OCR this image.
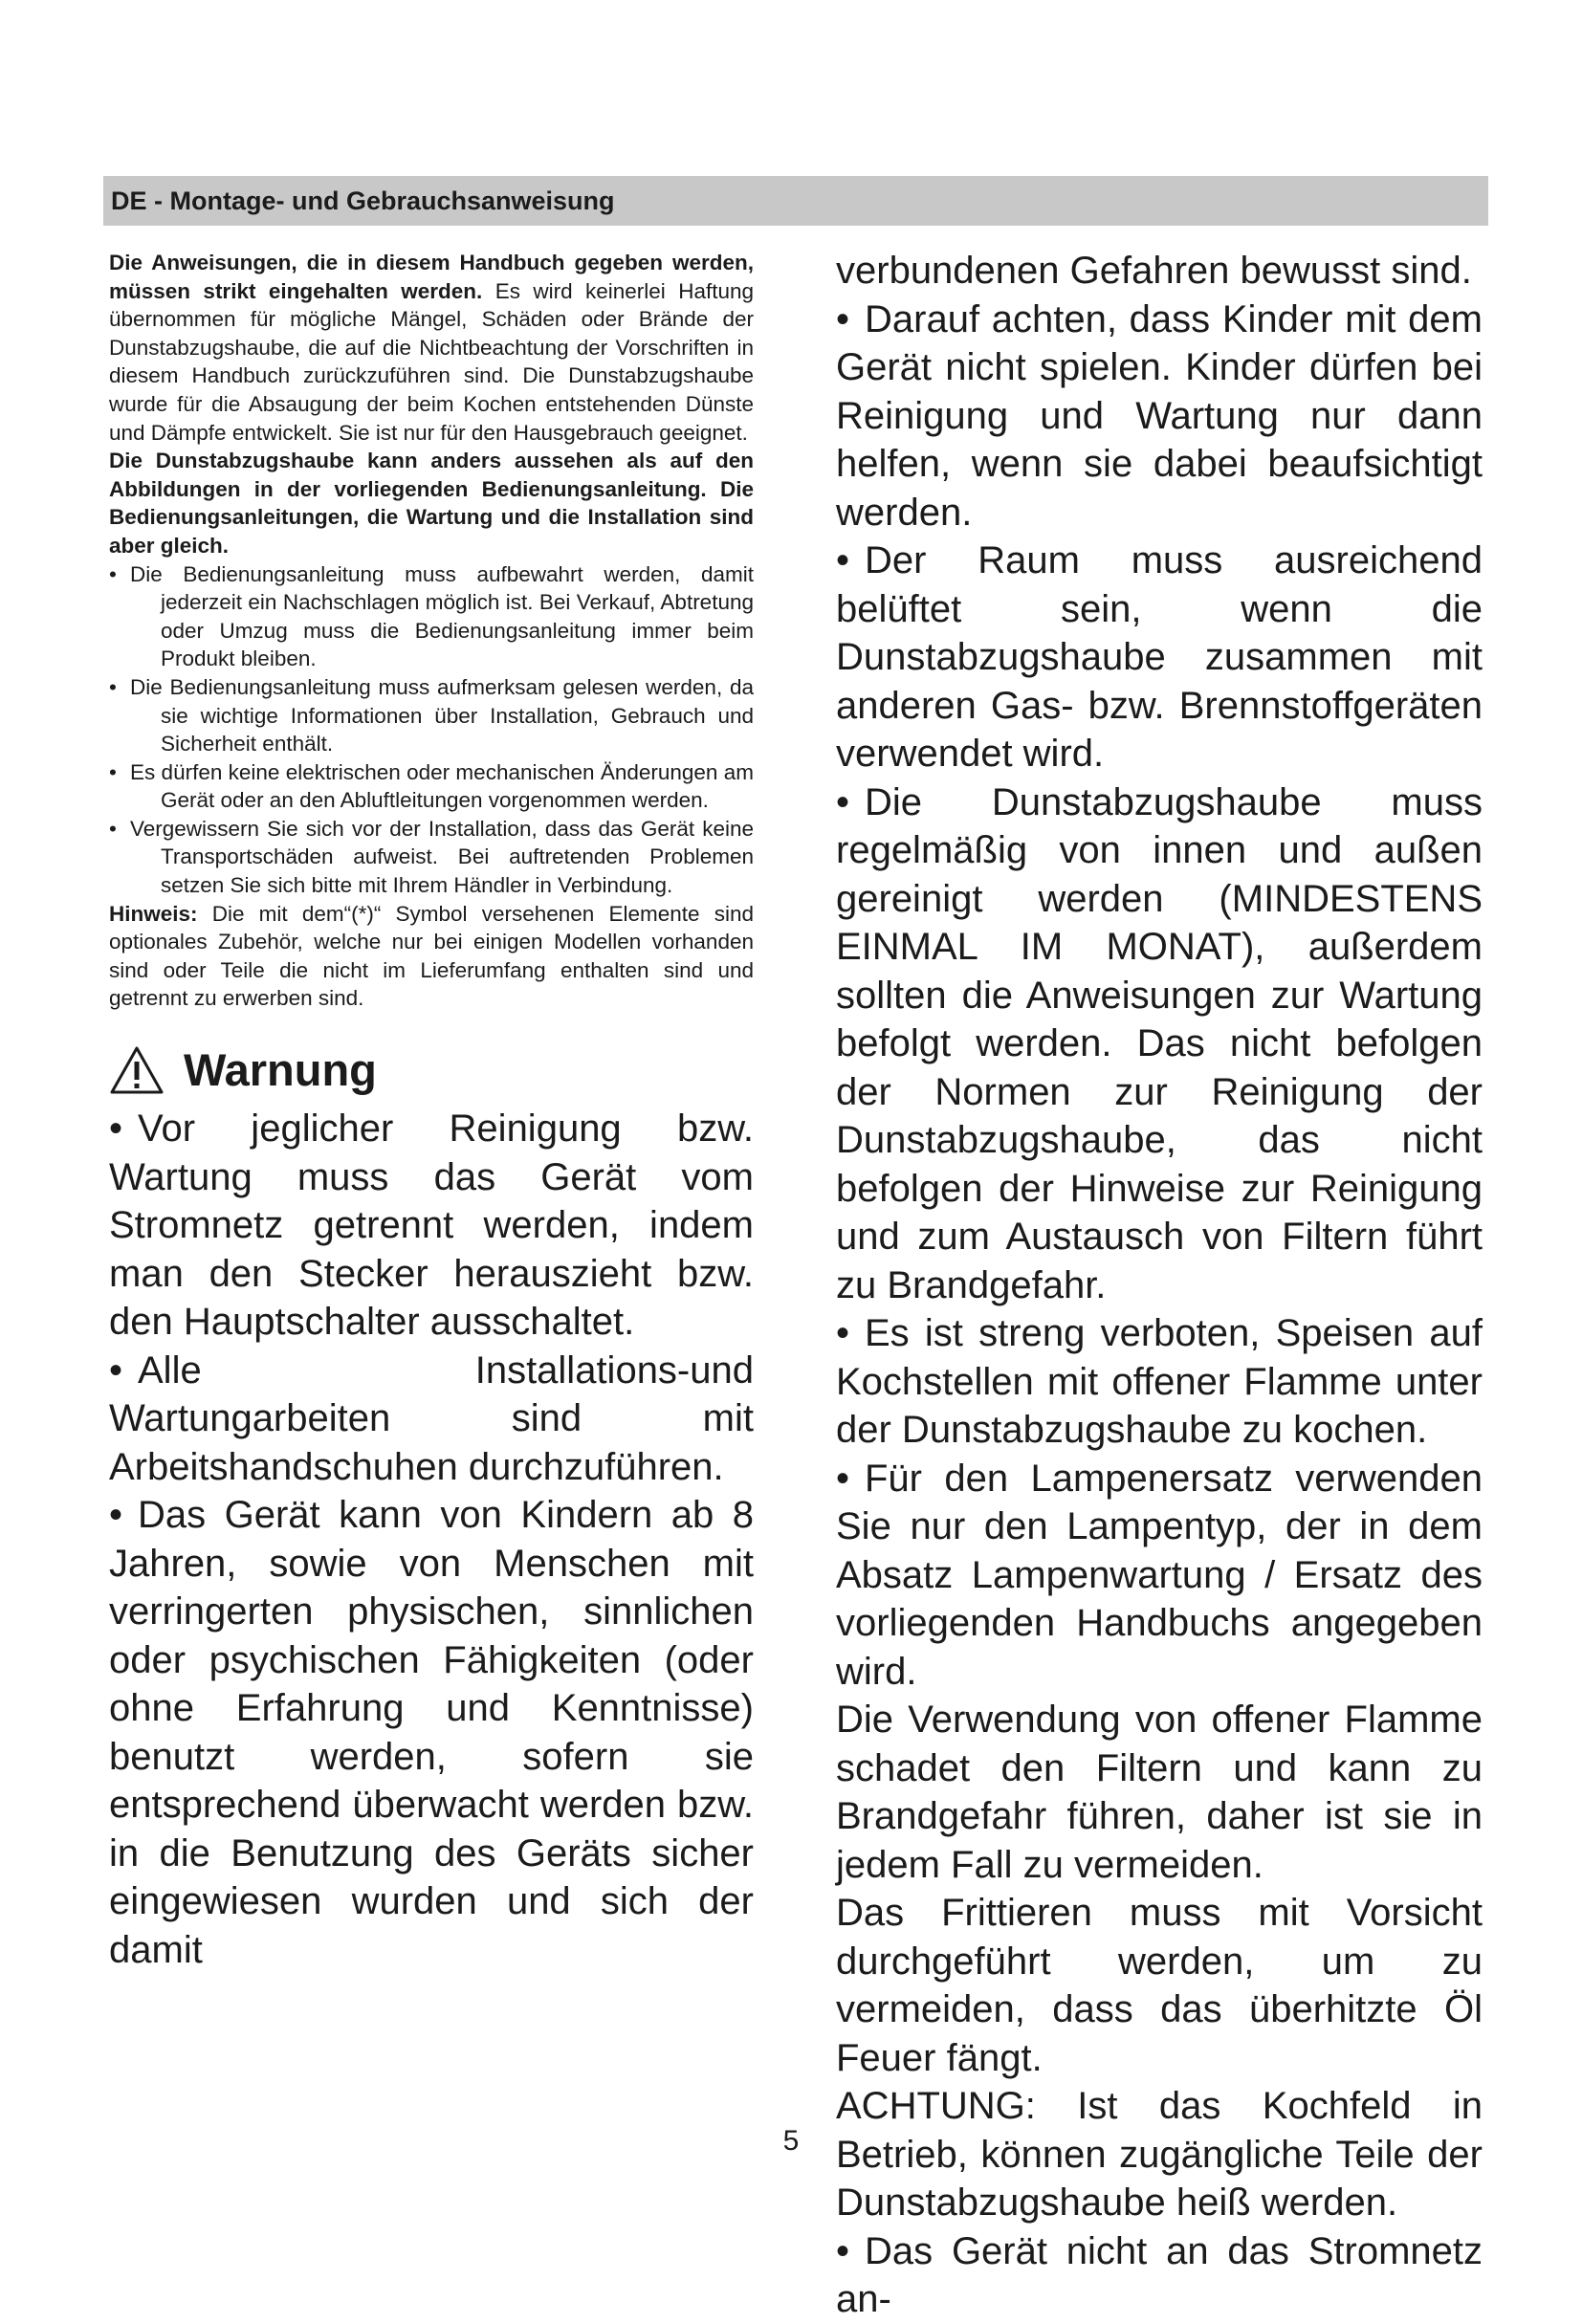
DE - Montage- und Gebrauchsanweisung

Die Anweisungen, die in diesem Handbuch gegeben werden, müssen strikt eingehalten werden. Es wird keinerlei Haftung übernommen für mögliche Mängel, Schäden oder Brände der Dunstabzugshaube, die auf die Nichtbeachtung der Vorschriften in diesem Handbuch zurückzuführen sind. Die Dunstabzugshaube wurde für die Absaugung der beim Kochen entstehenden Dünste und Dämpfe entwickelt. Sie ist nur für den Hausgebrauch geeignet.

Die Dunstabzugshaube kann anders aussehen als auf den Abbildungen in der vorliegenden Bedienungsanleitung. Die Bedienungsanleitungen, die Wartung und die Installation sind aber gleich.

• Die Bedienungsanleitung muss aufbewahrt werden, damit jederzeit ein Nachschlagen möglich ist. Bei Verkauf, Abtretung oder Umzug muss die Bedienungsanleitung immer beim Produkt bleiben.
• Die Bedienungsanleitung muss aufmerksam gelesen werden, da sie wichtige Informationen über Installation, Gebrauch und Sicherheit enthält.
• Es dürfen keine elektrischen oder mechanischen Änderungen am Gerät oder an den Abluftleitungen vorgenommen werden.
• Vergewissern Sie sich vor der Installation, dass das Gerät keine Transportschäden aufweist. Bei auftretenden Problemen setzen Sie sich bitte mit Ihrem Händler in Verbindung.

Hinweis: Die mit dem“(*)“ Symbol versehenen Elemente sind optionales Zubehör, welche nur bei einigen Modellen vorhanden sind oder Teile die nicht im Lieferumfang enthalten sind und getrennt zu erwerben sind.

Warnung

• Vor jeglicher Reinigung bzw. Wartung muss das Gerät vom Stromnetz getrennt werden, indem man den Stecker herauszieht bzw. den Hauptschalter ausschaltet.

• Alle Installations-und Wartungarbeiten sind mit Arbeitshandschuhen durchzuführen.

• Das Gerät kann von Kindern ab 8 Jahren, sowie von Menschen mit verringerten physischen, sinnlichen oder psychischen Fähigkeiten (oder ohne Erfahrung und Kenntnisse) benutzt werden, sofern sie entsprechend überwacht werden bzw. in die Benutzung des Geräts sicher eingewiesen wurden und sich der damit

verbundenen Gefahren bewusst sind.

• Darauf achten, dass Kinder mit dem Gerät nicht spielen. Kinder dürfen bei Reinigung und Wartung nur dann helfen, wenn sie dabei beaufsichtigt werden.

• Der Raum muss ausreichend belüftet sein, wenn die Dunstabzugshaube zusammen mit anderen Gas- bzw. Brennstoffgeräten verwendet wird.

• Die Dunstabzugshaube muss regelmäßig von innen und außen gereinigt werden (MINDESTENS EINMAL IM MONAT), außerdem sollten die Anweisungen zur Wartung befolgt werden. Das nicht befolgen der Normen zur Reinigung der Dunstabzugshaube, das nicht befolgen der Hinweise zur Reinigung und zum Austausch von Filtern führt zu Brandgefahr.

• Es ist streng verboten, Speisen auf Kochstellen mit offener Flamme unter der Dunstabzugshaube zu kochen.

• Für den Lampenersatz verwenden Sie nur den Lampentyp, der in dem Absatz Lampenwartung / Ersatz des vorliegenden Handbuchs angegeben wird.

Die Verwendung von offener Flamme schadet den Filtern und kann zu Brandgefahr führen, daher ist sie in jedem Fall zu vermeiden.

Das Frittieren muss mit Vorsicht durchgeführt werden, um zu vermeiden, dass das überhitzte Öl Feuer fängt.

ACHTUNG: Ist das Kochfeld in Betrieb, können zugängliche Teile der Dunstabzugshaube heiß werden.

• Das Gerät nicht an das Stromnetz an-

5
